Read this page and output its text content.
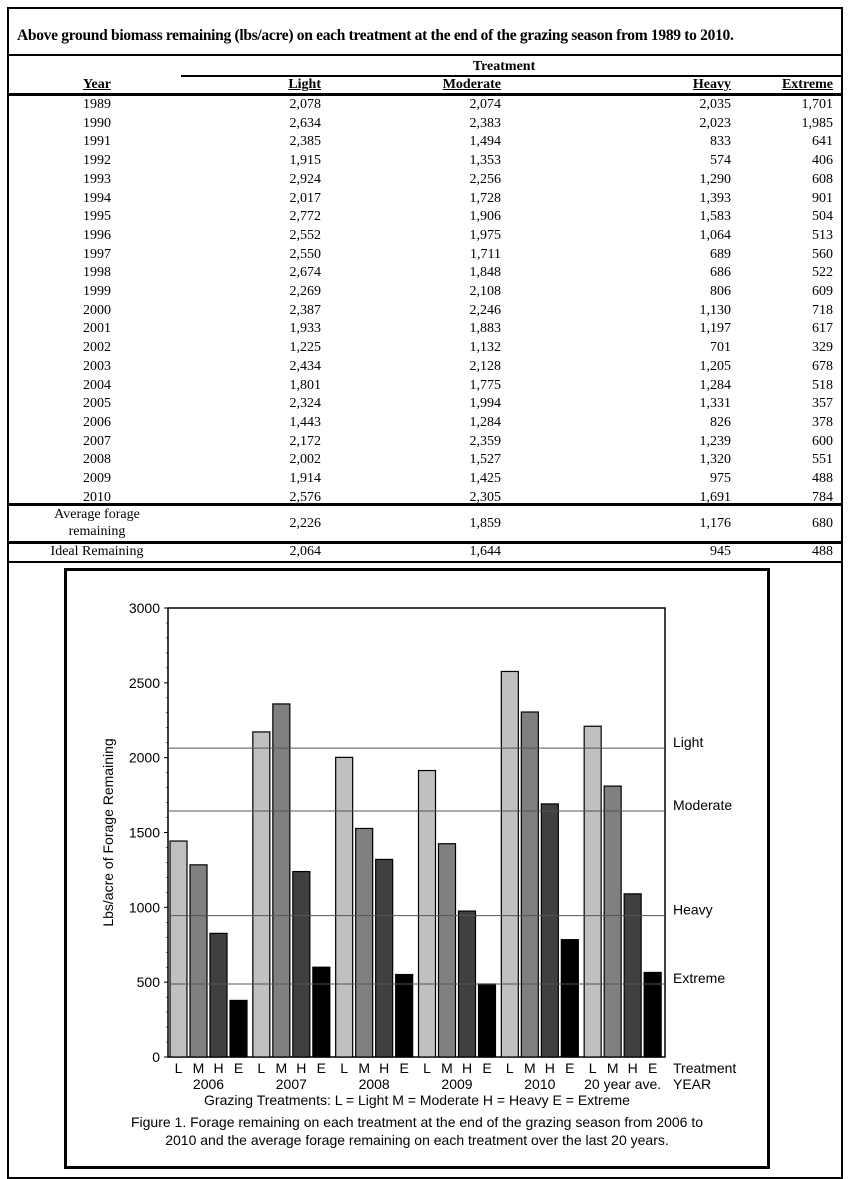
Above ground biomass remaining (lbs/acre) on each treatment at the end of the grazing season from 1989 to 2010.
Treatment
Year	Light	Moderate	Heavy	Extreme
1989	2,078	2,074	2,035	1,701
1990	2,634	2,383	2,023	1,985
1991	2,385	1,494	833	641
1992	1,915	1,353	574	406
1993	2,924	2,256	1,290	608
1994	2,017	1,728	1,393	901
1995	2,772	1,906	1,583	504
1996	2,552	1,975	1,064	513
1997	2,550	1,711	689	560
1998	2,674	1,848	686	522
1999	2,269	2,108	806	609
2000	2,387	2,246	1,130	718
2001	1,933	1,883	1,197	617
2002	1,225	1,132	701	329
2003	2,434	2,128	1,205	678
2004	1,801	1,775	1,284	518
2005	2,324	1,994	1,331	357
2006	1,443	1,284	826	378
2007	2,172	2,359	1,239	600
2008	2,002	1,527	1,320	551
2009	1,914	1,425	975	488
2010	2,576	2,305	1,691	784
Average forage
remaining
2,226	1,859	1,176	680
Ideal Remaining	2,064	1,644	945	488
0
500
1000
1500
2000
2500
3000
Lbs/acre of Forage Remaining
L M H E
2006
L M H E
2007
L M H E
2008
L M H E
2009
L M H E
2010
L M H E
20 year ave.
Light
Moderate
Heavy
Extreme
Treatment
YEAR
Grazing Treatments: L = Light M = Moderate H = Heavy E = Extreme
Figure 1. Forage remaining on each treatment at the end of the grazing season from 2006 to
2010 and the average forage remaining on each treatment over the last 20 years.
